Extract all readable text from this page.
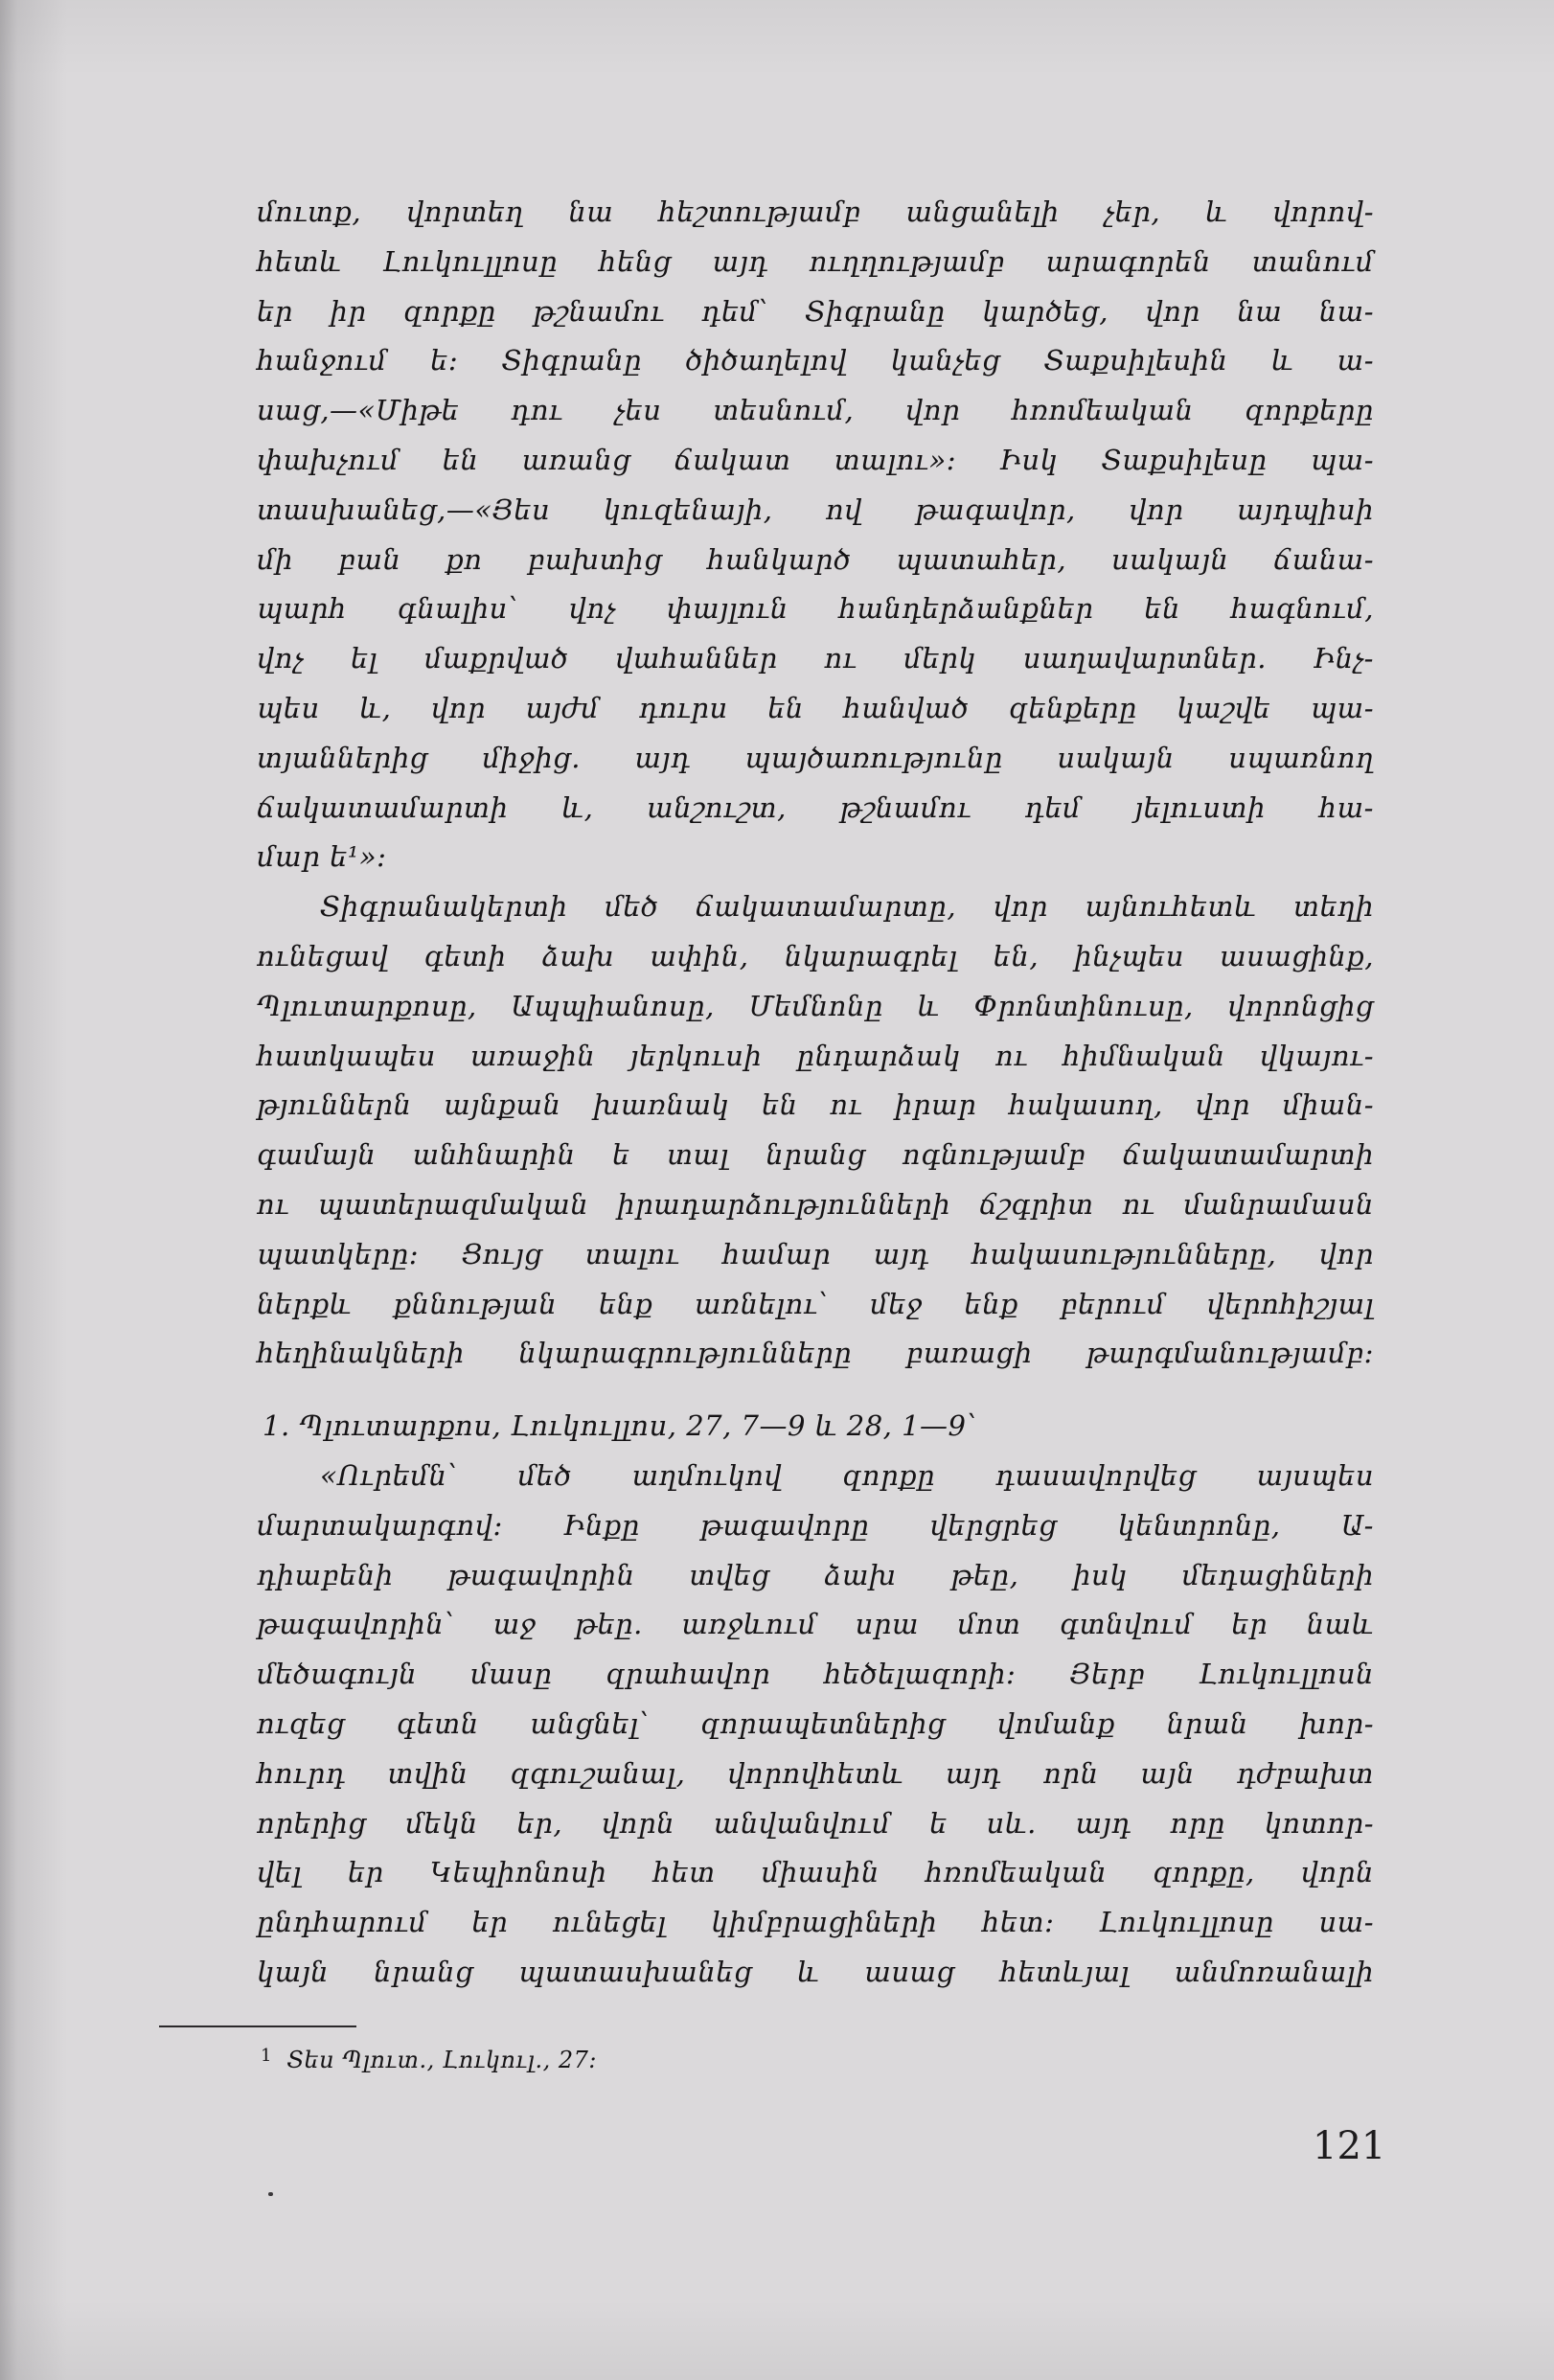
մուտք, վորտեղ նա հեշտությամբ անցանելի չեր, և վորով-
հետև Լուկուլլոսը հենց այդ ուղղությամբ արագորեն տանում
եր իր զորքը թշնամու դեմ՝ Տիգրանը կարծեց, վոր նա նա-
հանջում ե։ Տիգրանը ծիծաղելով կանչեց Տաքսիլեսին և ա-
սաց,—«Միթե դու չես տեսնում, վոր հռոմեական զորքերը
փախչում են առանց ճակատ տալու»։ Իսկ Տաքսիլեսը պա-
տասխանեց,—«Յես կուզենայի, ով թագավոր, վոր այդպիսի
մի բան քո բախտից հանկարծ պատահեր, սակայն ճանա-
պարհ գնալիս՝ վոչ փայլուն հանդերձանքներ են հագնում,
վոչ ել մաքրված վահաններ ու մերկ սաղավարտներ. Ինչ-
պես և, վոր այժմ դուրս են հանված զենքերը կաշվե պա-
տյաններից միջից. այդ պայծառությունը սակայն սպառնող
ճակատամարտի և, անշուշտ, թշնամու դեմ յելուստի հա-
մար ե¹»։
Տիգրանակերտի մեծ ճակատամարտը, վոր այնուհետև տեղի
ունեցավ գետի ձախ ափին, նկարագրել են, ինչպես ասացինք,
Պլուտարքոսը, Ապպիանոսը, Մեմնոնը և Փրոնտինուսը, վորոնցից
հատկապես առաջին յերկուսի ընդարձակ ու հիմնական վկայու-
թյուններն այնքան խառնակ են ու իրար հակասող, վոր միան-
գամայն անհնարին ե տալ նրանց ոգնությամբ ճակատամարտի
ու պատերազմական իրադարձությունների ճշգրիտ ու մանրամասն
պատկերը։ Ցույց տալու համար այդ հակասությունները, վոր
ներքև քննության ենք առնելու՝ մեջ ենք բերում վերոհիշյալ
հեղինակների նկարագրությունները բառացի թարգմանությամբ։
1. Պլուտարքոս, Լուկուլլոս, 27, 7—9 և 28, 1—9՝
«Ուրեմն՝ մեծ աղմուկով զորքը դասավորվեց այսպես
մարտակարգով։ Ինքը թագավորը վերցրեց կենտրոնը, Ա-
դիաբենի թագավորին տվեց ձախ թեը, իսկ մեդացիների
թագավորին՝ աջ թեը. առջևում սրա մոտ գտնվում եր նաև
մեծագույն մասը զրահավոր հեծելազորի։ Յերբ Լուկուլլոսն
ուզեց գետն անցնել՝ զորապետներից վոմանք նրան խոր-
հուրդ տվին զգուշանալ, վորովհետև այդ որն այն դժբախտ
որերից մեկն եր, վորն անվանվում ե սև. այդ որը կոտոր-
վել եր Կեպիոնոսի հետ միասին հռոմեական զորքը, վորն
ընդհարում եր ունեցել կիմբրացիների հետ։ Լուկուլլոսը սա-
կայն նրանց պատասխանեց և ասաց հետևյալ անմոռանալի
$^1$ Տես Պլուտ., Լուկուլ., 27։
121
